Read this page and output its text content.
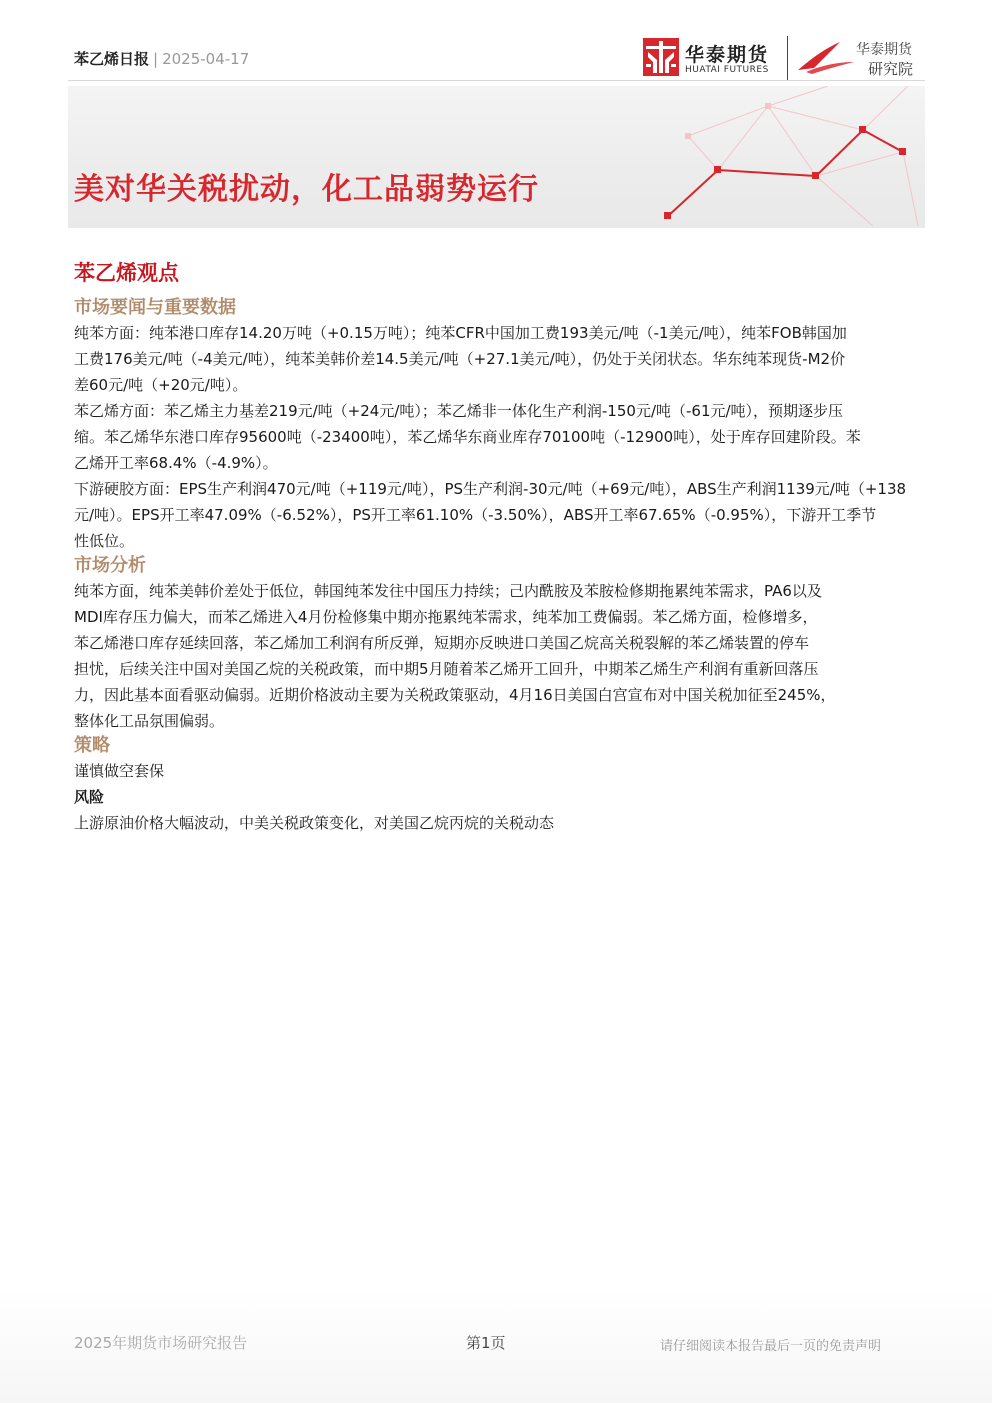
苯乙烯日报 | 2025-04-17	华泰期货
HUATAI FUTURES
华泰期货
研究院
美对华关税扰动，化工品弱势运行
苯乙烯观点
市场要闻与重要数据
纯苯方面：纯苯港口库存14.20万吨（+0.15万吨）；纯苯CFR中国加工费193美元/吨（-1美元/吨），纯苯FOB韩国加
工费176美元/吨（-4美元/吨），纯苯美韩价差14.5美元/吨（+27.1美元/吨），仍处于关闭状态。华东纯苯现货-M2价
差60元/吨（+20元/吨）。
苯乙烯方面：苯乙烯主力基差219元/吨（+24元/吨）；苯乙烯非一体化生产利润-150元/吨（-61元/吨），预期逐步压
缩。苯乙烯华东港口库存95600吨（-23400吨），苯乙烯华东商业库存70100吨（-12900吨），处于库存回建阶段。苯
乙烯开工率68.4%（-4.9%）。
下游硬胶方面：EPS生产利润470元/吨（+119元/吨），PS生产利润-30元/吨（+69元/吨），ABS生产利润1139元/吨（+138
元/吨）。EPS开工率47.09%（-6.52%），PS开工率61.10%（-3.50%），ABS开工率67.65%（-0.95%），下游开工季节
性低位。
市场分析
纯苯方面，纯苯美韩价差处于低位，韩国纯苯发往中国压力持续；己内酰胺及苯胺检修期拖累纯苯需求，PA6以及
MDI库存压力偏大，而苯乙烯进入4月份检修集中期亦拖累纯苯需求，纯苯加工费偏弱。苯乙烯方面，检修增多，
苯乙烯港口库存延续回落，苯乙烯加工利润有所反弹，短期亦反映进口美国乙烷高关税裂解的苯乙烯装置的停车
担忧，后续关注中国对美国乙烷的关税政策，而中期5月随着苯乙烯开工回升，中期苯乙烯生产利润有重新回落压
力，因此基本面看驱动偏弱。近期价格波动主要为关税政策驱动，4月16日美国白宫宣布对中国关税加征至245%，
整体化工品氛围偏弱。
策略
谨慎做空套保
风险
上游原油价格大幅波动，中美关税政策变化，对美国乙烷丙烷的关税动态
2025年期货市场研究报告	第1页	请仔细阅读本报告最后一页的免责声明
